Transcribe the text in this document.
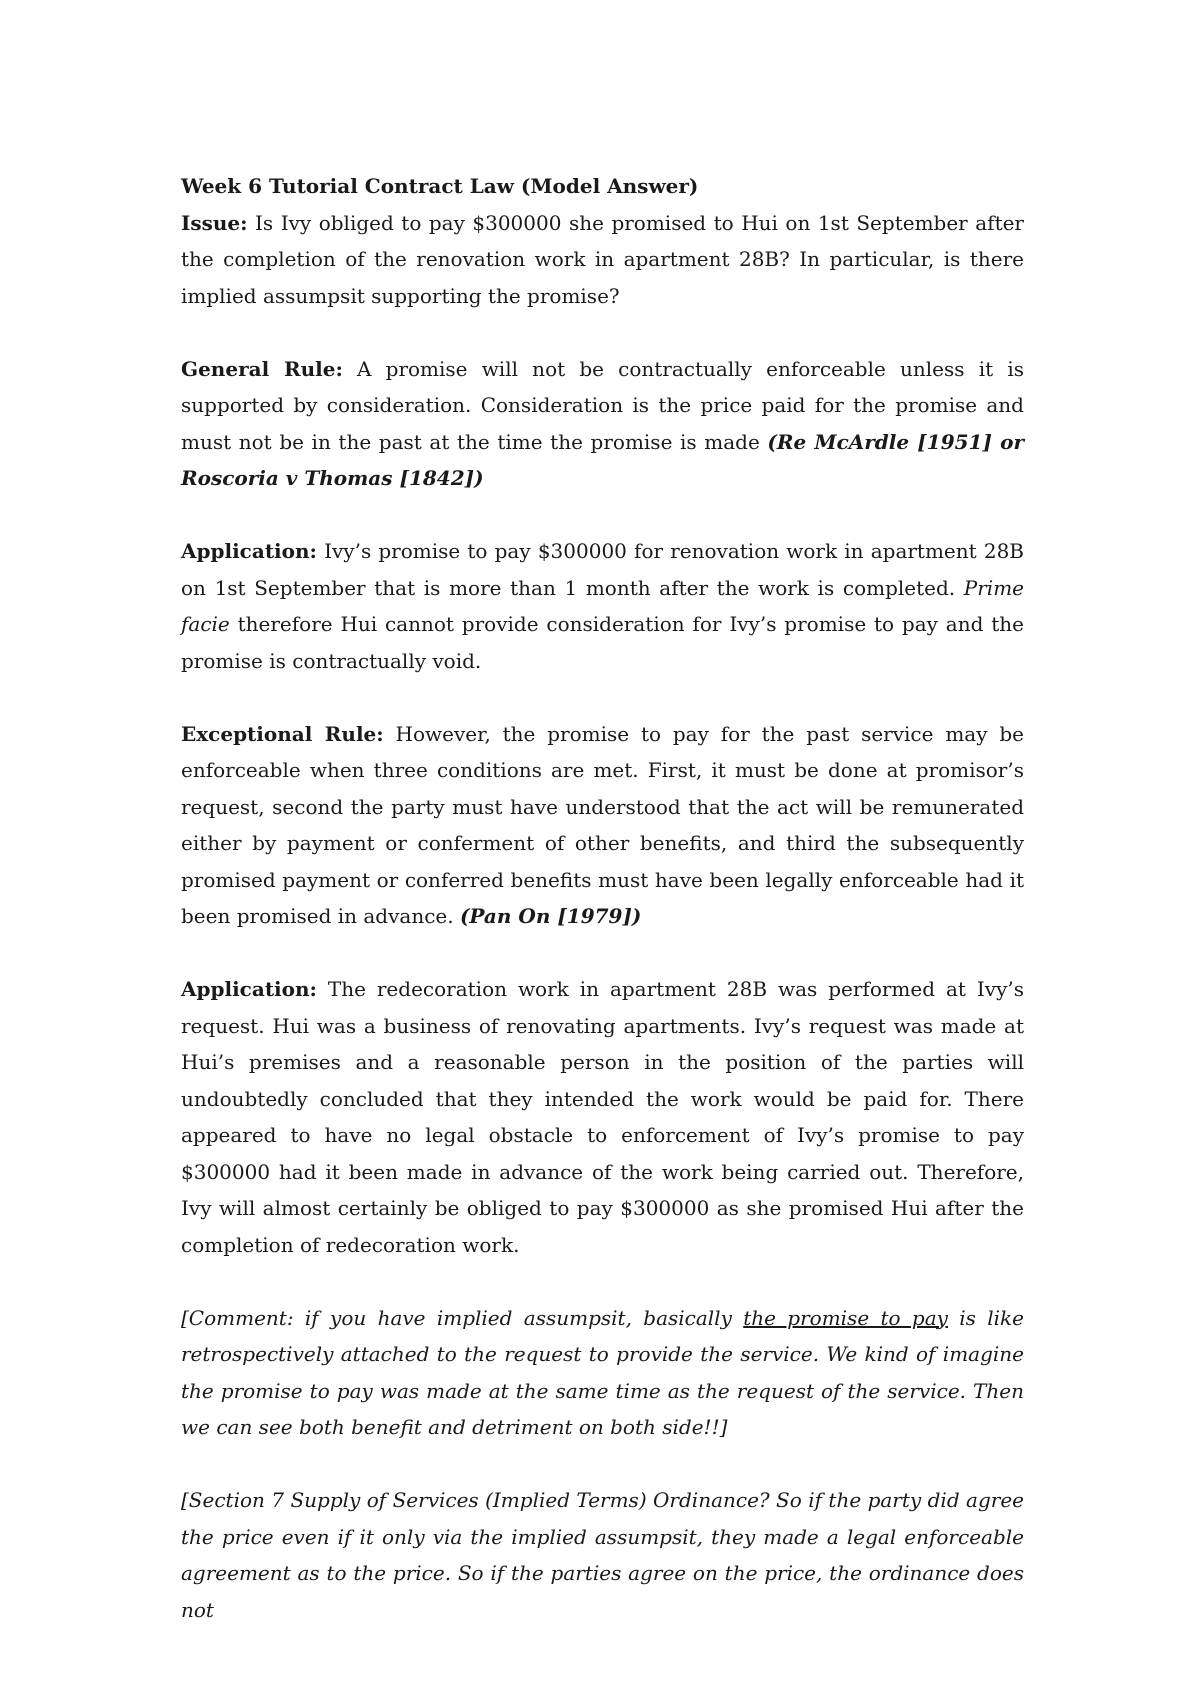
Week 6 Tutorial Contract Law (Model Answer)

Issue: Is Ivy obliged to pay $300000 she promised to Hui on 1st September after the completion of the renovation work in apartment 28B? In particular, is there implied assumpsit supporting the promise?

General Rule: A promise will not be contractually enforceable unless it is supported by consideration. Consideration is the price paid for the promise and must not be in the past at the time the promise is made (Re McArdle [1951] or Roscoria v Thomas [1842])

Application: Ivy’s promise to pay $300000 for renovation work in apartment 28B on 1st September that is more than 1 month after the work is completed. Prime facie therefore Hui cannot provide consideration for Ivy’s promise to pay and the promise is contractually void.

Exceptional Rule: However, the promise to pay for the past service may be enforceable when three conditions are met. First, it must be done at promisor’s request, second the party must have understood that the act will be remunerated either by payment or conferment of other benefits, and third the subsequently promised payment or conferred benefits must have been legally enforceable had it been promised in advance. (Pan On [1979])

Application: The redecoration work in apartment 28B was performed at Ivy’s request. Hui was a business of renovating apartments. Ivy’s request was made at Hui’s premises and a reasonable person in the position of the parties will undoubtedly concluded that they intended the work would be paid for. There appeared to have no legal obstacle to enforcement of Ivy’s promise to pay $300000 had it been made in advance of the work being carried out. Therefore, Ivy will almost certainly be obliged to pay $300000 as she promised Hui after the completion of redecoration work.

[Comment: if you have implied assumpsit, basically the promise to pay is like retrospectively attached to the request to provide the service. We kind of imagine the promise to pay was made at the same time as the request of the service. Then we can see both benefit and detriment on both side!!]

[Section 7 Supply of Services (Implied Terms) Ordinance? So if the party did agree the price even if it only via the implied assumpsit, they made a legal enforceable agreement as to the price. So if the parties agree on the price, the ordinance does not
